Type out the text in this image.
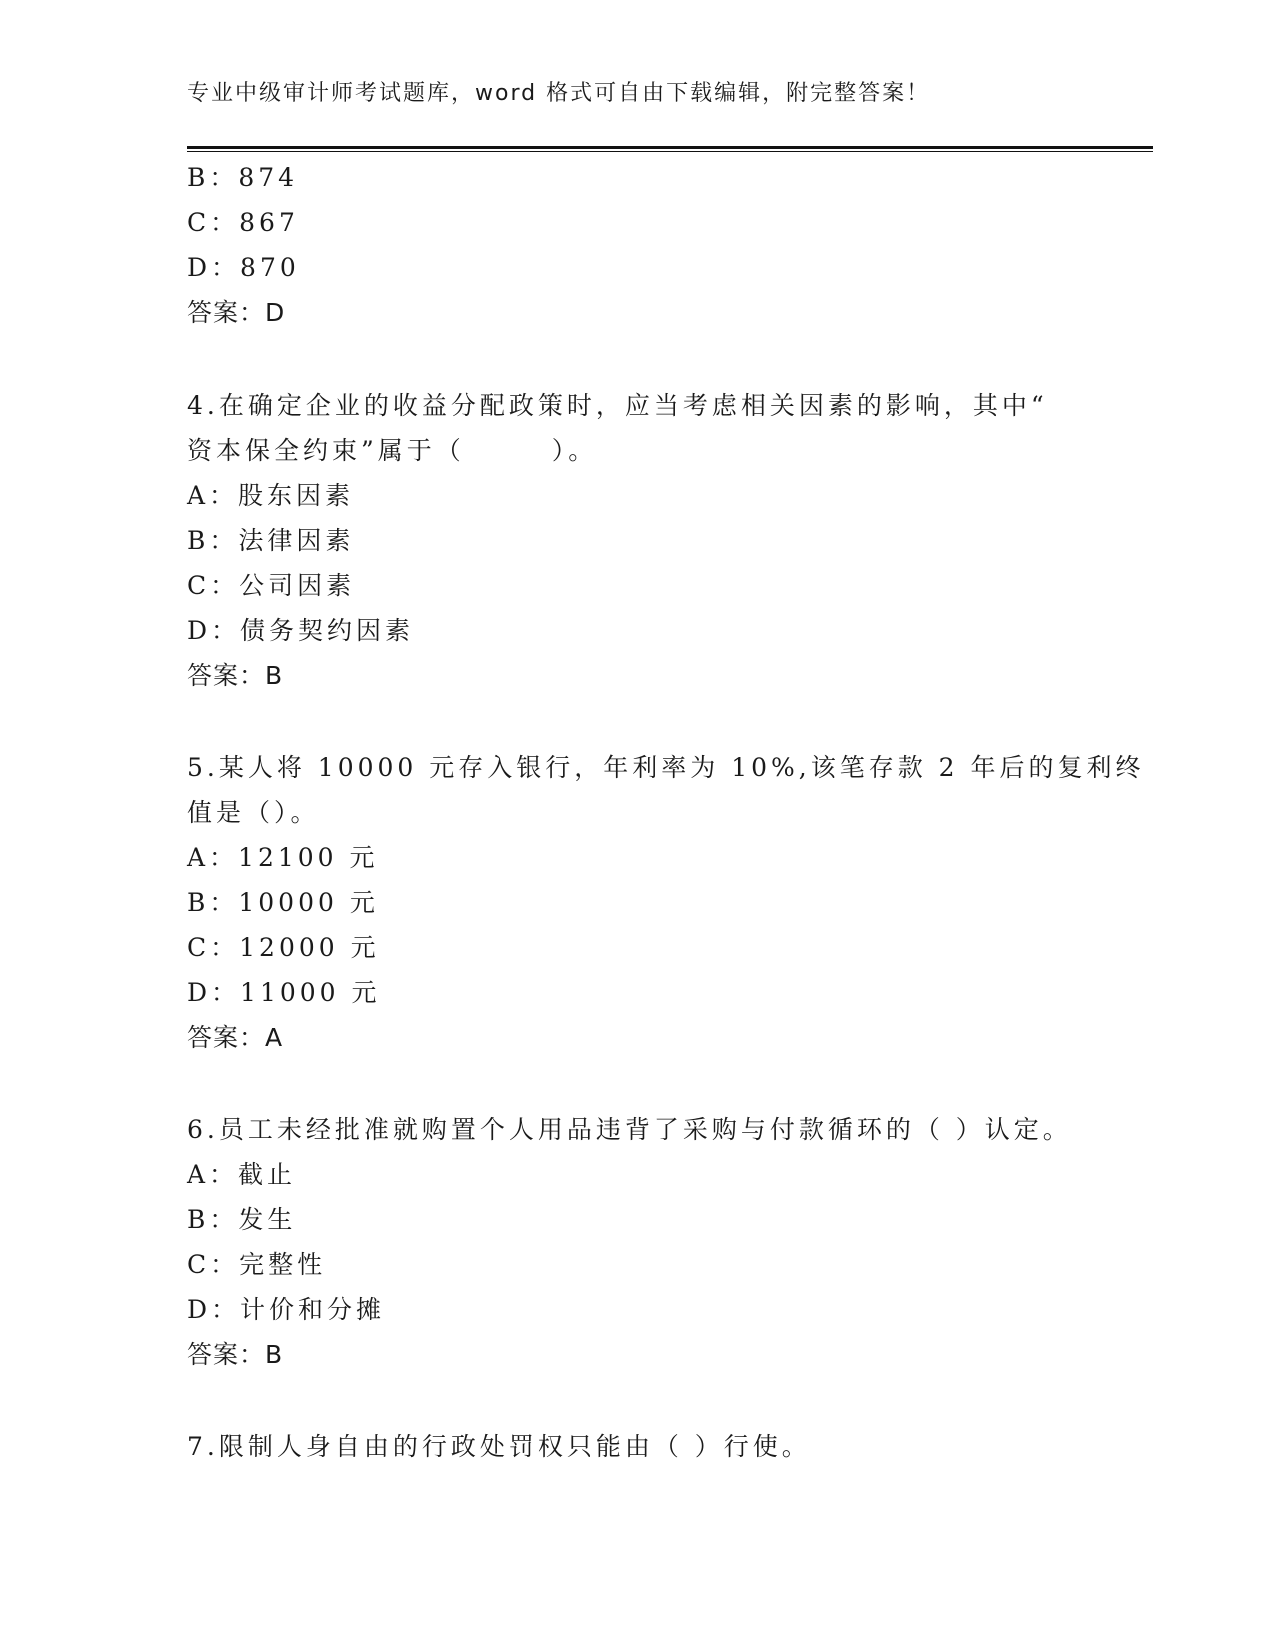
专业中级审计师考试题库，word 格式可自由下载编辑，附完整答案！
B：874
C：867
D：870
答案：D
4.在确定企业的收益分配政策时，应当考虑相关因素的影响，其中“
资本保全约束”属于（　　　）。
A：股东因素
B：法律因素
C：公司因素
D：债务契约因素
答案：B
5.某人将 10000 元存入银行，年利率为 10%,该笔存款 2 年后的复利终
值是（）。
A：12100 元
B：10000 元
C：12000 元
D：11000 元
答案：A
6.员工未经批准就购置个人用品违背了采购与付款循环的（ ）认定。
A：截止
B：发生
C：完整性
D：计价和分摊
答案：B
7.限制人身自由的行政处罚权只能由（ ）行使。
